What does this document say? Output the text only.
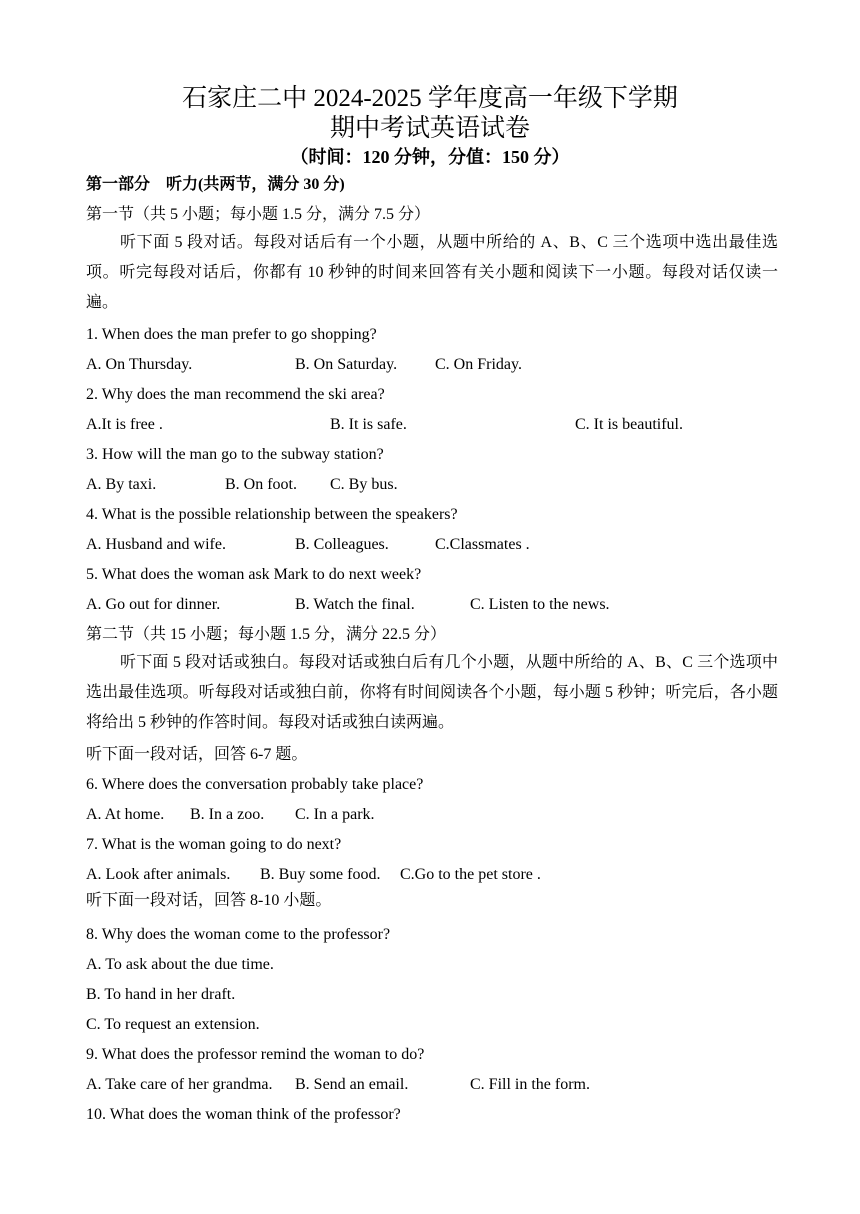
石家庄二中 2024-2025 学年度高一年级下学期
期中考试英语试卷
（时间：120 分钟，分值：150 分）
第一部分　听力(共两节，满分 30 分)
第一节（共 5 小题；每小题 1.5 分，满分 7.5 分）
听下面 5 段对话。每段对话后有一个小题，从题中所给的 A、B、C 三个选项中选出最佳选项。听完每段对话后，你都有 10 秒钟的时间来回答有关小题和阅读下一小题。每段对话仅读一遍。
1. When does the man prefer to go shopping?
A. On Thursday.	B. On Saturday. C. On Friday.
2. Why does the man recommend the ski area?
A.It is free .	B. It is safe.	C. It is beautiful.
3. How will the man go to the subway station?
A. By taxi.	B. On foot. C. By bus.
4. What is the possible relationship between the speakers?
A. Husband and wife.	B. Colleagues.	C.Classmates .
5. What does the woman ask Mark to do next week?
A. Go out for dinner.	B. Watch the final.	C. Listen to the news.
第二节（共 15 小题；每小题 1.5 分，满分 22.5 分）
听下面 5 段对话或独白。每段对话或独白后有几个小题，从题中所给的 A、B、C 三个选项中选出最佳选项。听每段对话或独白前，你将有时间阅读各个小题，每小题 5 秒钟；听完后，各小题将给出 5 秒钟的作答时间。每段对话或独白读两遍。
听下面一段对话，回答 6-7 题。
6. Where does the conversation probably take place?
A. At home. B. In a zoo. C. In a park.
7. What is the woman going to do next?
A. Look after animals. B. Buy some food. C.Go to the pet store .
听下面一段对话，回答 8-10 小题。
8. Why does the woman come to the professor?
A. To ask about the due time.
B. To hand in her draft.
C. To request an extension.
9. What does the professor remind the woman to do?
A. Take care of her grandma. B. Send an email.	C. Fill in the form.
10. What does the woman think of the professor?
